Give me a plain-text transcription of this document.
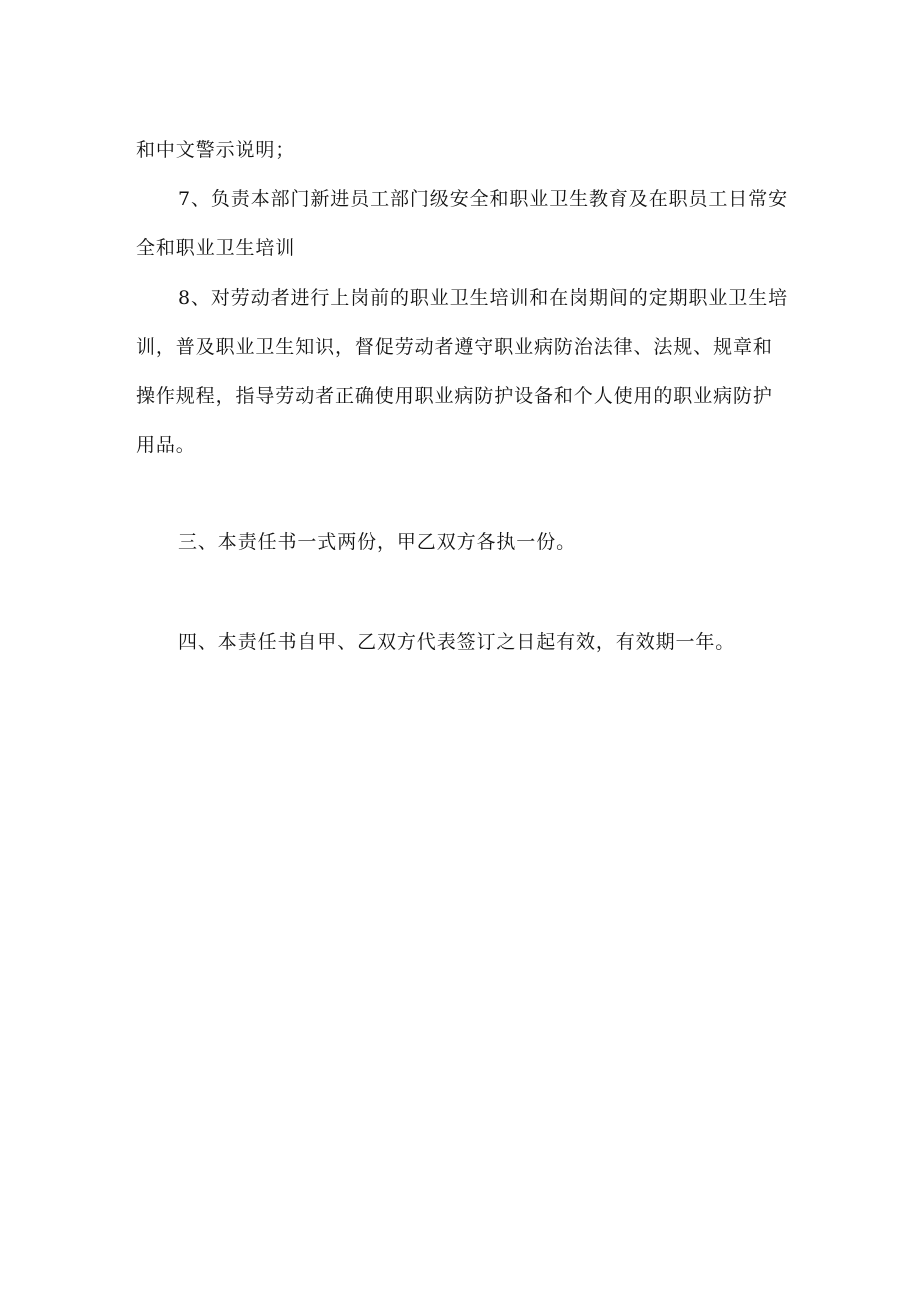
和中文警示说明；
7、负责本部门新进员工部门级安全和职业卫生教育及在职员工日常安
全和职业卫生培训
8、对劳动者进行上岗前的职业卫生培训和在岗期间的定期职业卫生培
训，普及职业卫生知识，督促劳动者遵守职业病防治法律、法规、规章和
操作规程，指导劳动者正确使用职业病防护设备和个人使用的职业病防护
用品。
三、本责任书一式两份，甲乙双方各执一份。
四、本责任书自甲、乙双方代表签订之日起有效，有效期一年。
